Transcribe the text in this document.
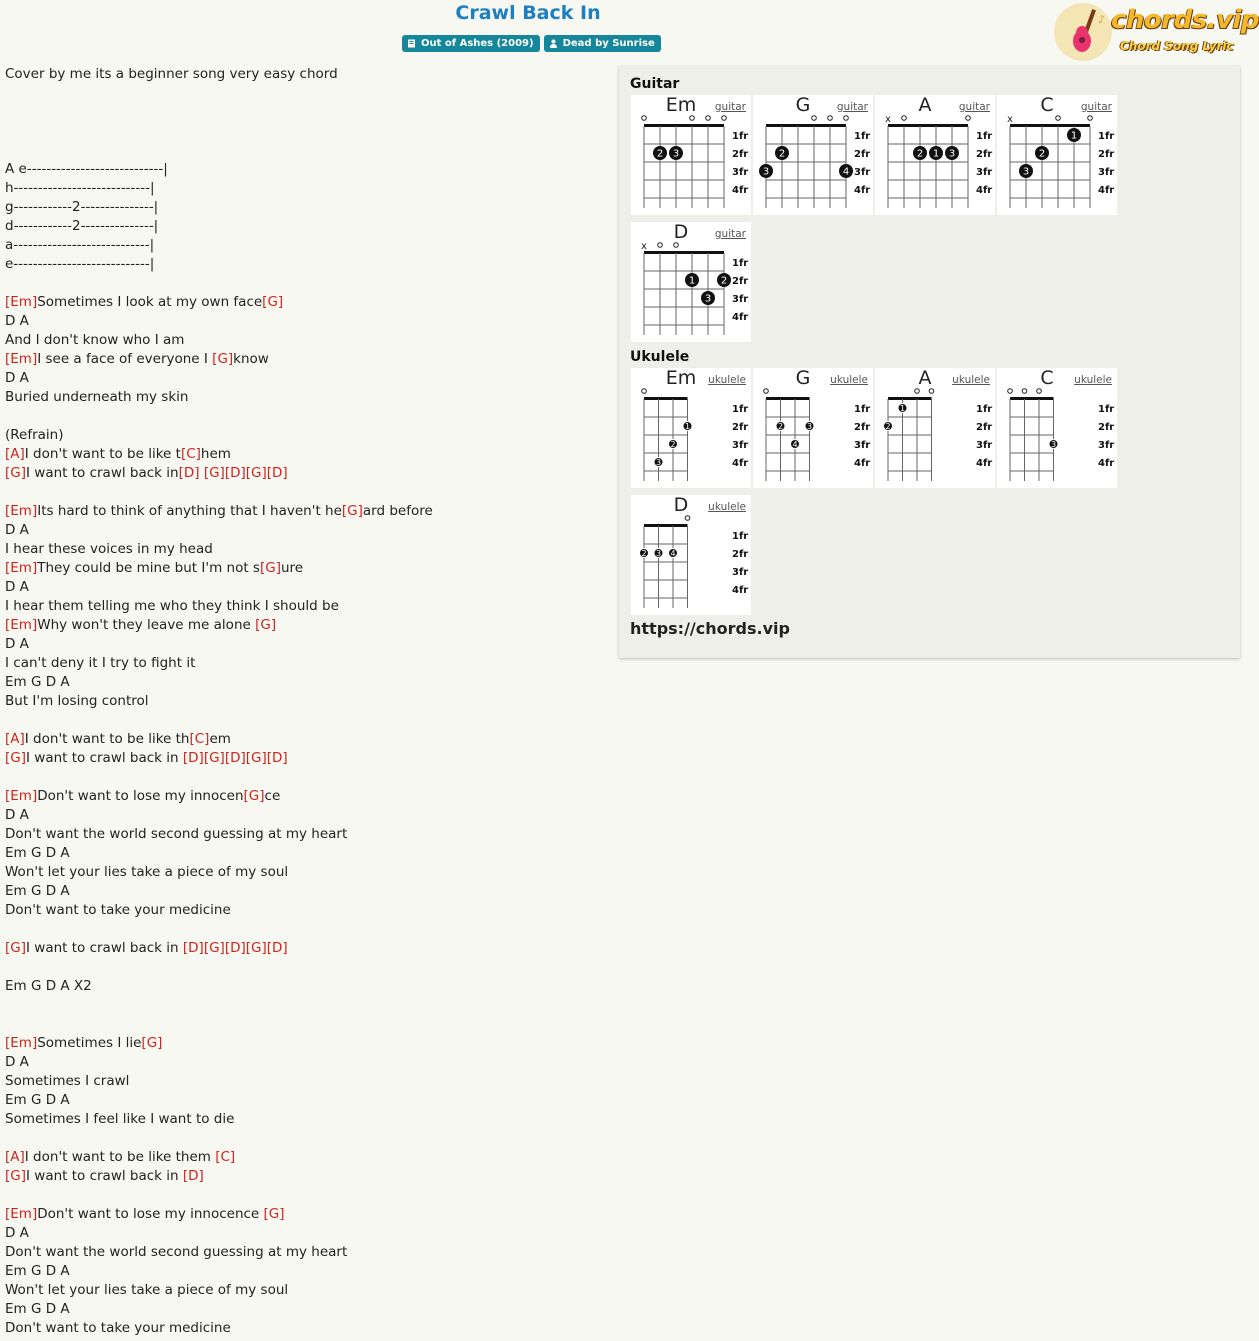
Crawl Back In
Out of Ashes (2009)	Dead by Sunrise
♪ chords.vip
Chord Song Lyric
Cover by me its a beginner song very easy chord
A e----------------------------|
h----------------------------|
g------------2---------------|
d------------2---------------|
a----------------------------|
e----------------------------|
[Em]Sometimes I look at my own face[G]
D A
And I don't know who I am
[Em]I see a face of everyone I [G]know
D A
Buried underneath my skin
(Refrain)
[A]I don't want to be like t[C]hem
[G]I want to crawl back in[D] [G][D][G][D]
[Em]Its hard to think of anything that I haven't he[G]ard before
D A
I hear these voices in my head
[Em]They could be mine but I'm not s[G]ure
D A
I hear them telling me who they think I should be
[Em]Why won't they leave me alone [G]
D A
I can't deny it I try to fight it
Em G D A
But I'm losing control
[A]I don't want to be like th[C]em
[G]I want to crawl back in [D][G][D][G][D]
[Em]Don't want to lose my innocen[G]ce
D A
Don't want the world second guessing at my heart
Em G D A
Won't let your lies take a piece of my soul
Em G D A
Don't want to take your medicine
[G]I want to crawl back in [D][G][D][G][D]
Em G D A X2
[Em]Sometimes I lie[G]
D A
Sometimes I crawl
Em G D A
Sometimes I feel like I want to die
[A]I don't want to be like them [C]
[G]I want to crawl back in [D]
[Em]Don't want to lose my innocence [G]
D A
Don't want the world second guessing at my heart
Em G D A
Won't let your lies take a piece of my soul
Em G D A
Don't want to take your medicine
Guitar
1fr
2fr
3fr
4fr
2 3
Em	guitar
1fr
2fr
3fr
4fr
2
3	4
G	guitar
1fr
2fr
3fr
4fr
x
2 1 3
A	guitar
1fr
2fr
3fr
4fr
x
1
2
3
C	guitar
1fr
2fr
3fr
4fr
x
1	2
3
D	guitar
Ukulele
1fr
2fr
3fr
4fr
1
2
3
Em	ukulele
1fr
2fr
3fr
4fr
2	3
4
G	ukulele
1fr
2fr
3fr
4fr
1
2
A	ukulele
1fr
2fr
3fr
4fr
3
C	ukulele
1fr
2fr
3fr
4fr
2 3 4
D	ukulele
https://chords.vip
